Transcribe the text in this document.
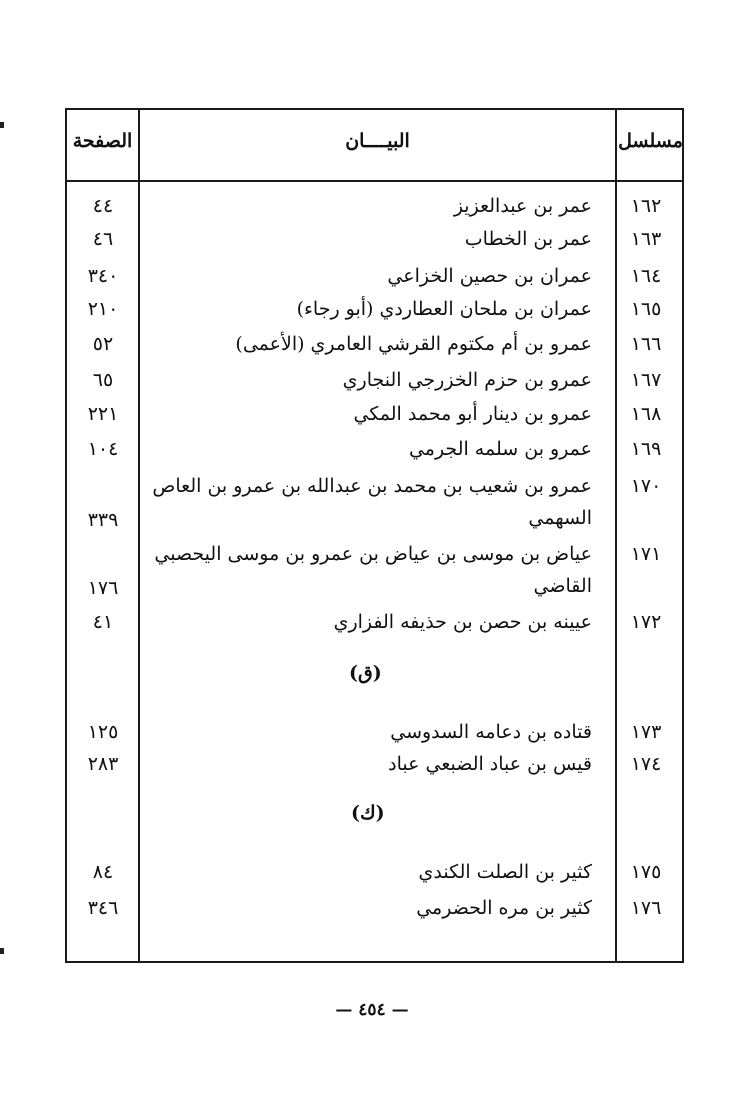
مسلسل
البيــــان
الصفحة
١٦٢
عمر بن عبدالعزيز
٤٤
١٦٣
عمر بن الخطاب
٤٦
١٦٤
عمران بن حصين الخزاعي
٣٤٠
١٦٥
عمران بن ملحان العطاردي (أبو رجاء)
٢١٠
١٦٦
عمرو بن أم مكتوم القرشي العامري (الأعمى)
٥٢
١٦٧
عمرو بن حزم الخزرجي النجاري
٦٥
١٦٨
عمرو بن دينار أبو محمد المكي
٢٢١
١٦٩
عمرو بن سلمه الجرمي
١٠٤
١٧٠
عمرو بن شعيب بن محمد بن عبدالله بن عمرو بن العاص السهمي
٣٣٩
١٧١
عياض بن موسى بن عياض بن عمرو بن موسى اليحصبي القاضي
١٧٦
١٧٢
عيينه بن حصن بن حذيفه الفزاري
٤١
(ق)
١٧٣
قتاده بن دعامه السدوسي
١٢٥
١٧٤
قيس بن عباد الضبعي عباد
٢٨٣
(ك)
١٧٥
كثير بن الصلت الكندي
٨٤
١٧٦
كثير بن مره الحضرمي
٣٤٦
— ٤٥٤ —
